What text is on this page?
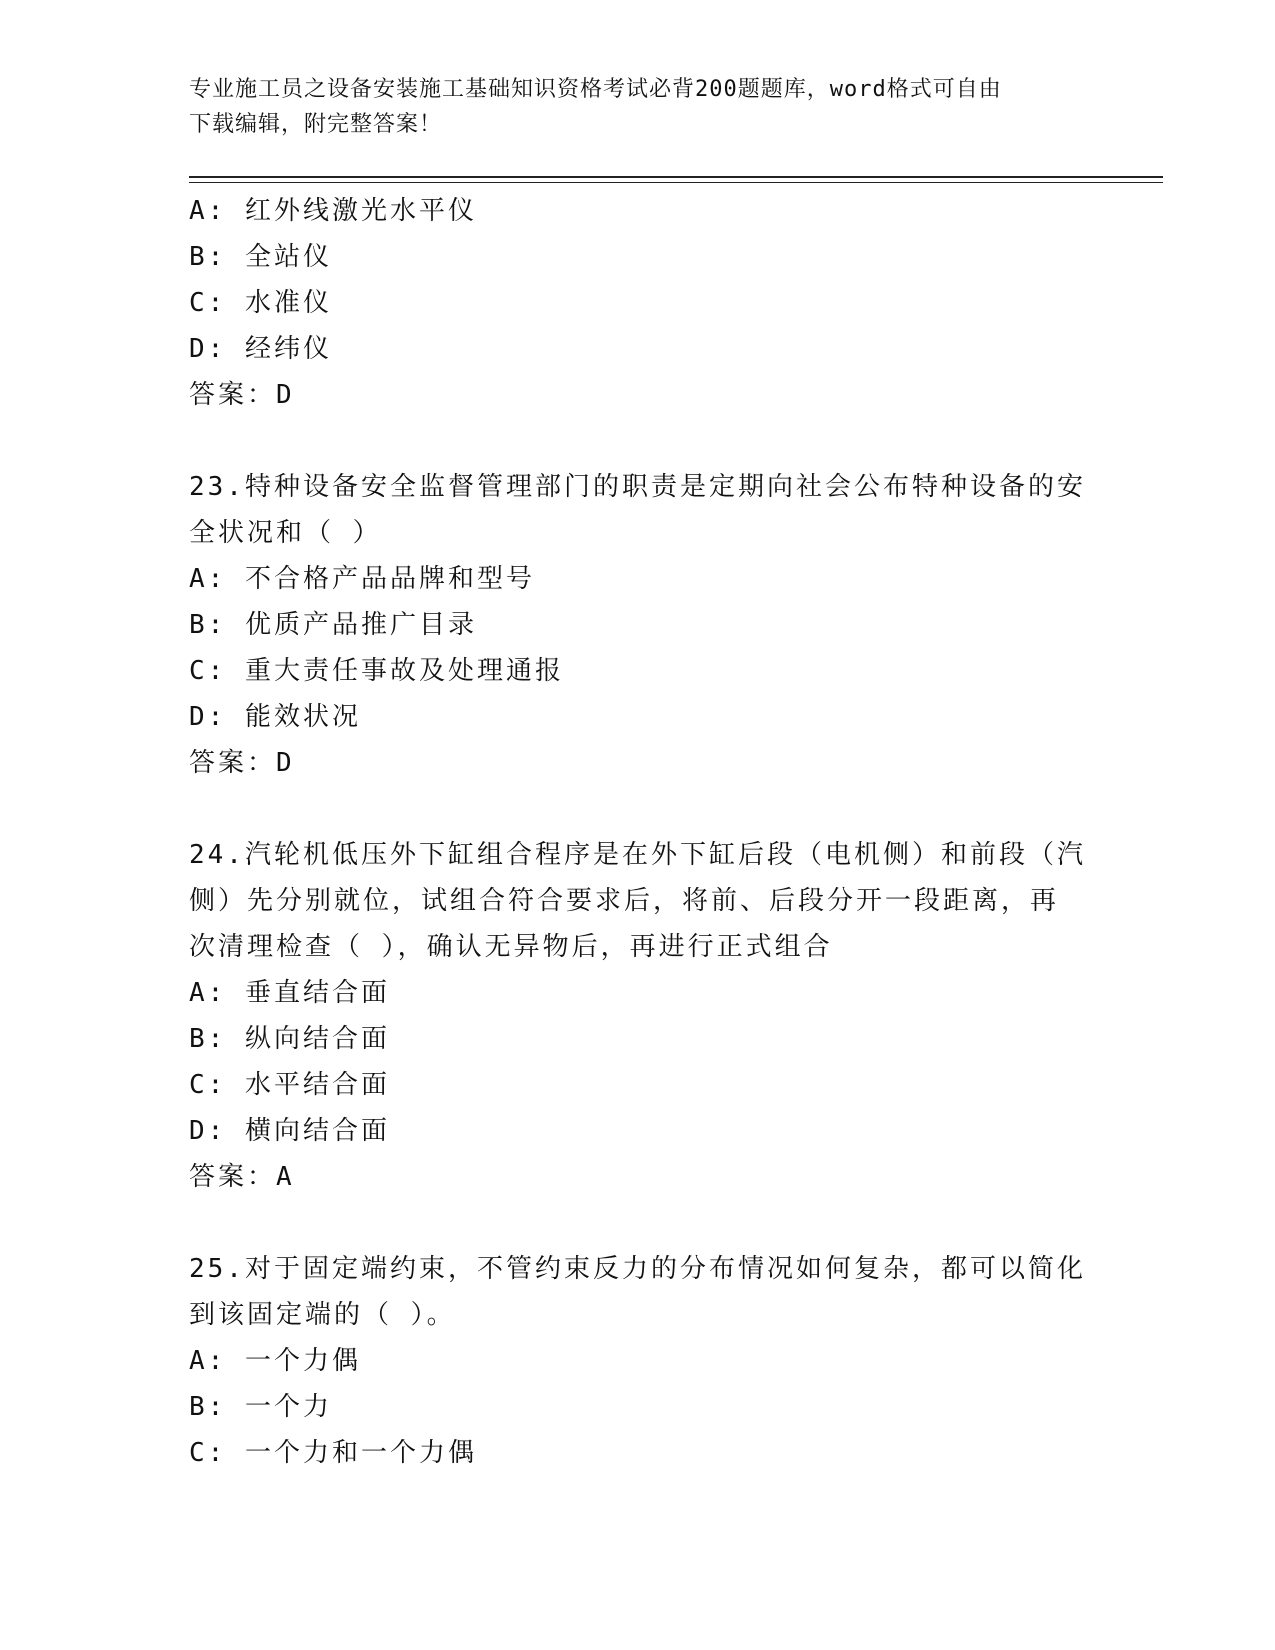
专业施工员之设备安装施工基础知识资格考试必背200题题库，word格式可自由
下载编辑，附完整答案！
A: 红外线激光水平仪
B: 全站仪
C: 水准仪
D: 经纬仪
答案：D
23.特种设备安全监督管理部门的职责是定期向社会公布特种设备的安
全状况和（ ）
A: 不合格产品品牌和型号
B: 优质产品推广目录
C: 重大责任事故及处理通报
D: 能效状况
答案：D
24.汽轮机低压外下缸组合程序是在外下缸后段（电机侧）和前段（汽
侧）先分别就位，试组合符合要求后，将前、后段分开一段距离，再
次清理检查（ ），确认无异物后，再进行正式组合
A: 垂直结合面
B: 纵向结合面
C: 水平结合面
D: 横向结合面
答案：A
25.对于固定端约束，不管约束反力的分布情况如何复杂，都可以简化
到该固定端的（ ）。
A: 一个力偶
B: 一个力
C: 一个力和一个力偶
